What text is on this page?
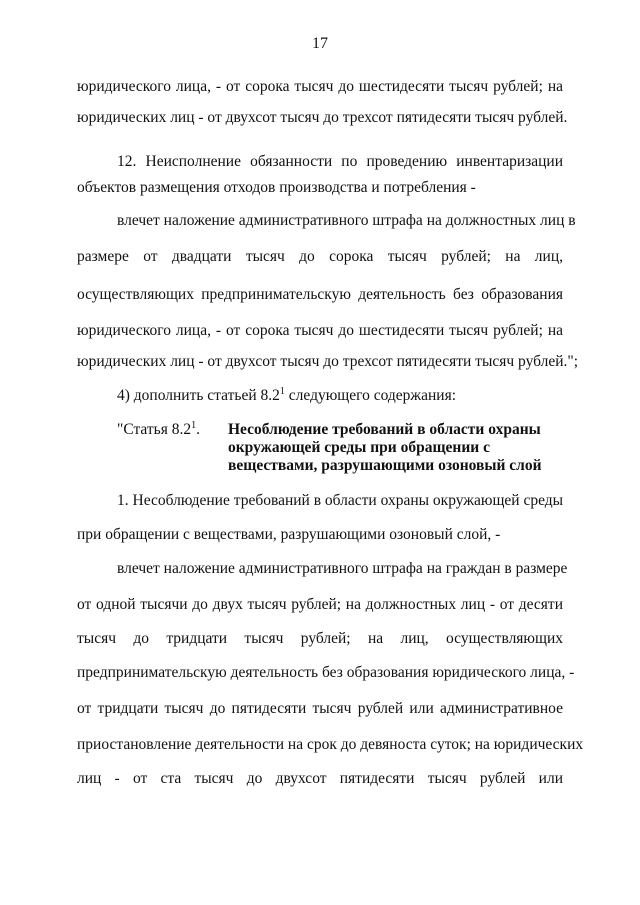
17
юридического лица, - от сорока тысяч до шестидесяти тысяч рублей; на
юридических лиц - от двухсот тысяч до трехсот пятидесяти тысяч рублей.
12. Неисполнение обязанности по проведению инвентаризации
объектов размещения отходов производства и потребления -
влечет наложение административного штрафа на должностных лиц в
размере от двадцати тысяч до сорока тысяч рублей; на лиц,
осуществляющих предпринимательскую деятельность без образования
юридического лица, - от сорока тысяч до шестидесяти тысяч рублей; на
юридических лиц - от двухсот тысяч до трехсот пятидесяти тысяч рублей.";
4) дополнить статьей $8.2^1$ следующего содержания:
"Статья $8.2^1$. Несоблюдение требований в области охраны
окружающей среды при обращении с
веществами, разрушающими озоновый слой
1. Несоблюдение требований в области охраны окружающей среды
при обращении с веществами, разрушающими озоновый слой, -
влечет наложение административного штрафа на граждан в размере
от одной тысячи до двух тысяч рублей; на должностных лиц - от десяти
тысяч до тридцати тысяч рублей; на лиц, осуществляющих
предпринимательскую деятельность без образования юридического лица, -
от тридцати тысяч до пятидесяти тысяч рублей или административное
приостановление деятельности на срок до девяноста суток; на юридических
лиц - от ста тысяч до двухсот пятидесяти тысяч рублей или
